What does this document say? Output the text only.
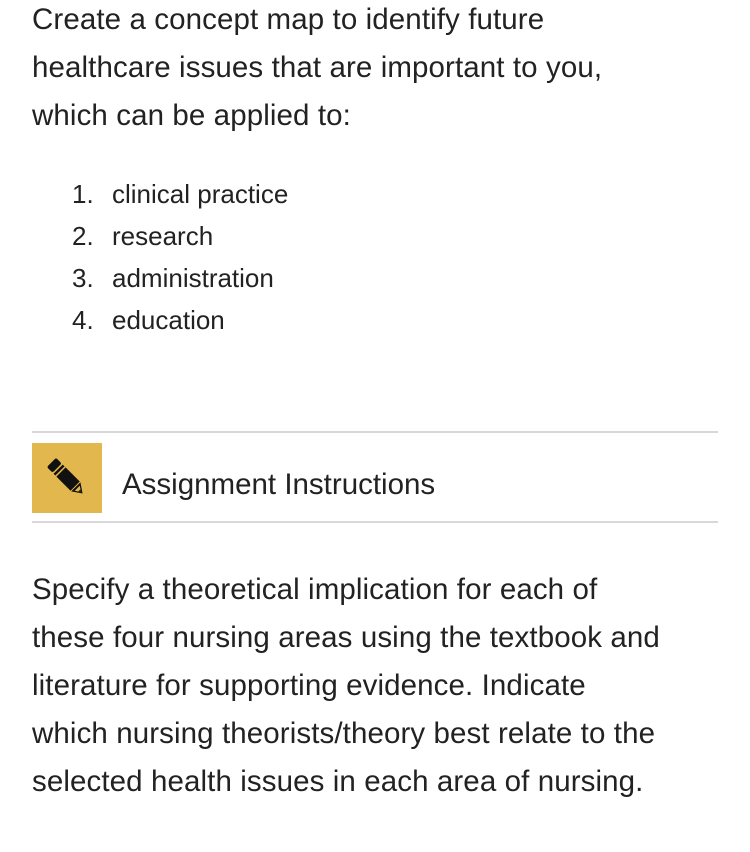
Create a concept map to identify future
healthcare issues that are important to you,
which can be applied to:

1. clinical practice
2. research
3. administration
4. education
Assignment Instructions

Specify a theoretical implication for each of
these four nursing areas using the textbook and
literature for supporting evidence. Indicate
which nursing theorists/theory best relate to the
selected health issues in each area of nursing.
